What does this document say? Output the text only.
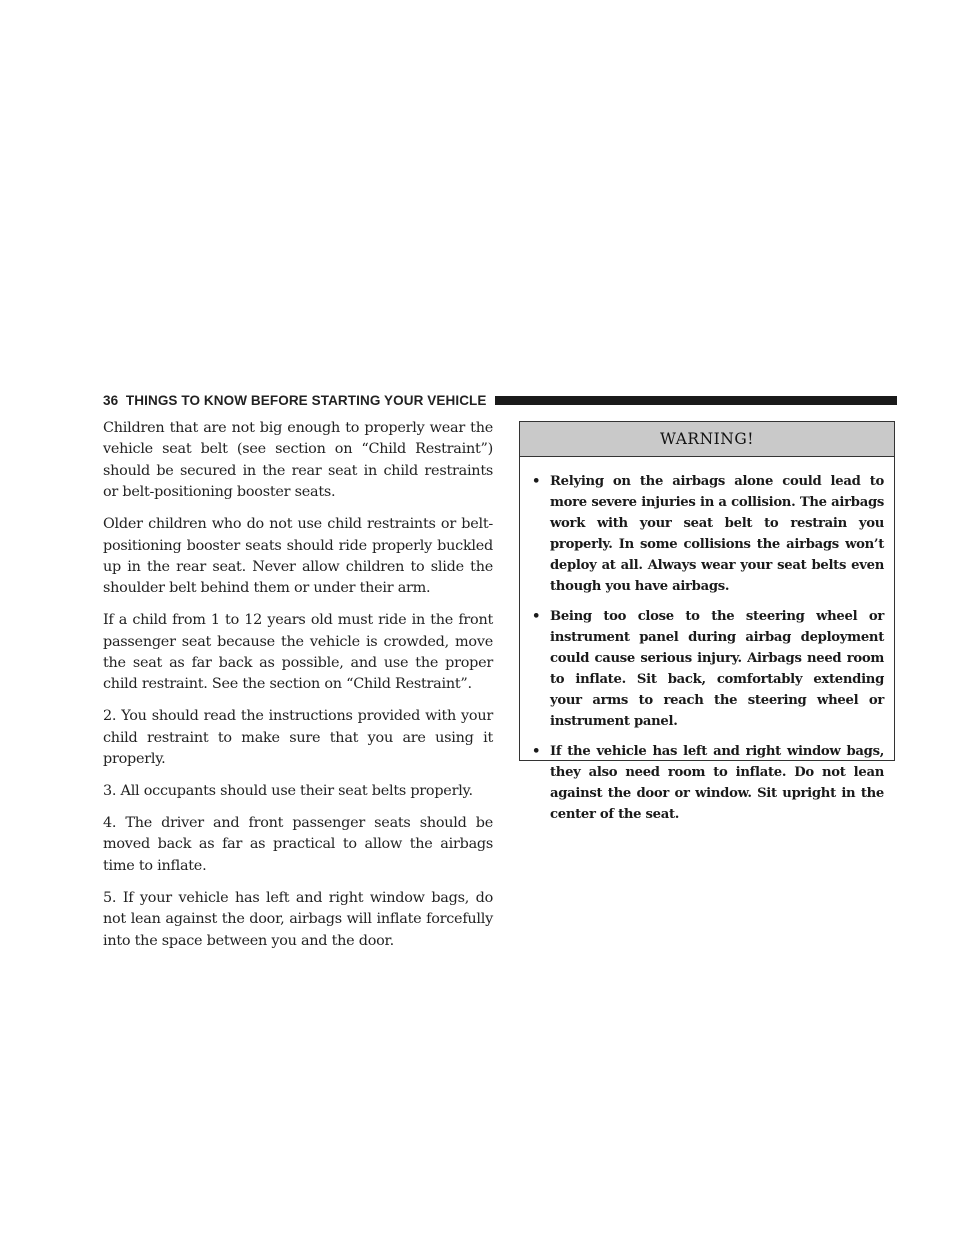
36 THINGS TO KNOW BEFORE STARTING YOUR VEHICLE

Children that are not big enough to properly wear the vehicle seat belt (see section on “Child Restraint”) should be secured in the rear seat in child restraints or belt-positioning booster seats.

Older children who do not use child restraints or belt-positioning booster seats should ride properly buckled up in the rear seat. Never allow children to slide the shoulder belt behind them or under their arm.

If a child from 1 to 12 years old must ride in the front passenger seat because the vehicle is crowded, move the seat as far back as possible, and use the proper child restraint. See the section on “Child Restraint”.

2. You should read the instructions provided with your child restraint to make sure that you are using it properly.

3. All occupants should use their seat belts properly.

4. The driver and front passenger seats should be moved back as far as practical to allow the airbags time to inflate.

5. If your vehicle has left and right window bags, do not lean against the door, airbags will inflate forcefully into the space between you and the door.

WARNING!
• Relying on the airbags alone could lead to more severe injuries in a collision. The airbags work with your seat belt to restrain you properly. In some collisions the airbags won’t deploy at all. Always wear your seat belts even though you have airbags.
• Being too close to the steering wheel or instrument panel during airbag deployment could cause serious injury. Airbags need room to inflate. Sit back, comfortably extending your arms to reach the steering wheel or instrument panel.
• If the vehicle has left and right window bags, they also need room to inflate. Do not lean against the door or window. Sit upright in the center of the seat.
